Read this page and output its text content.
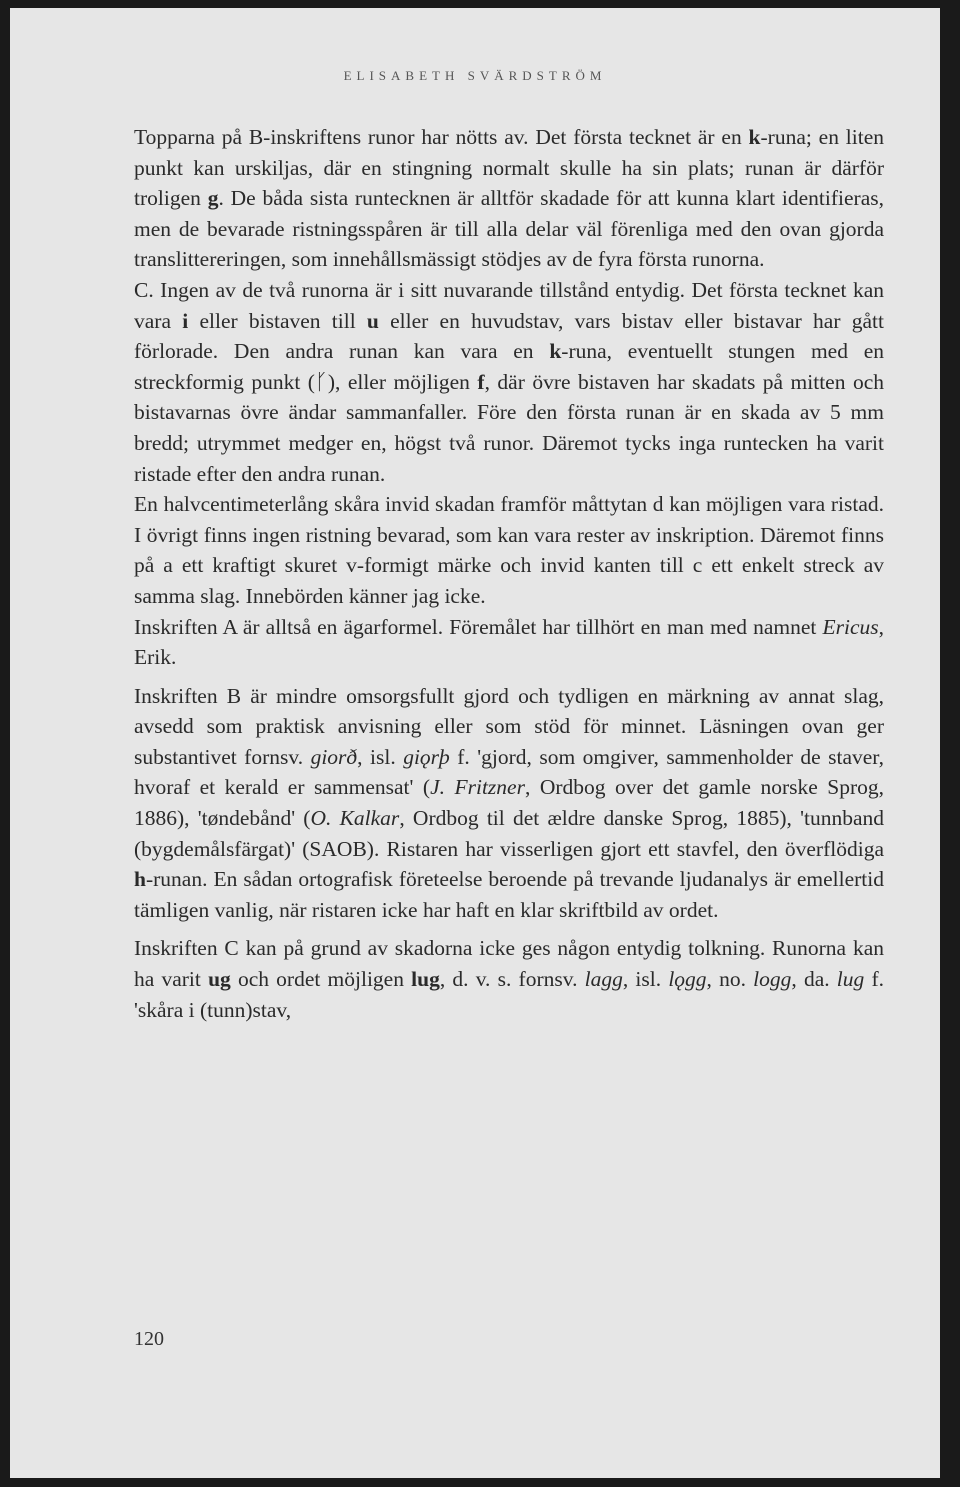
ELISABETH SVÄRDSTRÖM

Topparna på B-inskriftens runor har nötts av. Det första tecknet är en k-runa; en liten punkt kan urskiljas, där en stingning normalt skulle ha sin plats; runan är därför troligen g. De båda sista runtecknen är alltför skadade för att kunna klart identifieras, men de bevarade ristningsspåren är till alla delar väl förenliga med den ovan gjorda translittereringen, som innehållsmässigt stödjes av de fyra första runorna.

C. Ingen av de två runorna är i sitt nuvarande tillstånd entydig. Det första tecknet kan vara i eller bistaven till u eller en huvudstav, vars bistav eller bistavar har gått förlorade. Den andra runan kan vara en k-runa, eventuellt stungen med en streckformig punkt (ᚴ), eller möjligen f, där övre bistaven har skadats på mitten och bistavarnas övre ändar sammanfaller. Före den första runan är en skada av 5 mm bredd; utrymmet medger en, högst två runor. Däremot tycks inga runtecken ha varit ristade efter den andra runan.

En halvcentimeterlång skåra invid skadan framför måttytan d kan möjligen vara ristad. I övrigt finns ingen ristning bevarad, som kan vara rester av inskription. Däremot finns på a ett kraftigt skuret v-formigt märke och invid kanten till c ett enkelt streck av samma slag. Innebörden känner jag icke.

Inskriften A är alltså en ägarformel. Föremålet har tillhört en man med namnet Ericus, Erik.

Inskriften B är mindre omsorgsfullt gjord och tydligen en märkning av annat slag, avsedd som praktisk anvisning eller som stöd för minnet. Läsningen ovan ger substantivet fornsv. giorð, isl. giǫrþ f. 'gjord, som omgiver, sammenholder de staver, hvoraf et kerald er sammensat' (J. Fritzner, Ordbog over det gamle norske Sprog, 1886), 'tøndebånd' (O. Kalkar, Ordbog til det ældre danske Sprog, 1885), 'tunnband (bygdemålsfärgat)' (SAOB). Ristaren har visserligen gjort ett stavfel, den överflödiga h-runan. En sådan ortografisk företeelse beroende på trevande ljudanalys är emellertid tämligen vanlig, när ristaren icke har haft en klar skriftbild av ordet.

Inskriften C kan på grund av skadorna icke ges någon entydig tolkning. Runorna kan ha varit ug och ordet möjligen lug, d. v. s. fornsv. lagg, isl. lǫgg, no. logg, da. lug f. 'skåra i (tunn)stav,

120
